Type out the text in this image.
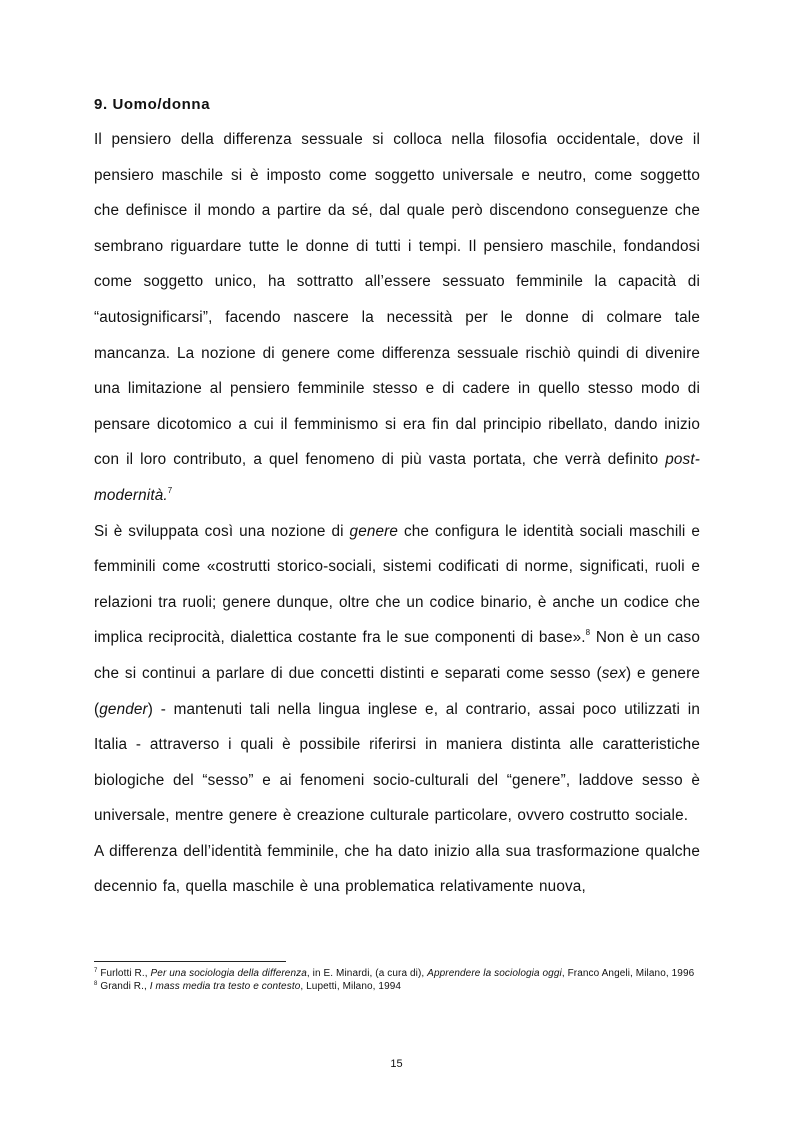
9. Uomo/donna

Il pensiero della differenza sessuale si colloca nella filosofia occidentale, dove il pensiero maschile si è imposto come soggetto universale e neutro, come soggetto che definisce il mondo a partire da sé, dal quale però discendono conseguenze che sembrano riguardare tutte le donne di tutti i tempi. Il pensiero maschile, fondandosi come soggetto unico, ha sottratto all’essere sessuato femminile la capacità di “autosignificarsi”, facendo nascere la necessità per le donne di colmare tale mancanza. La nozione di genere come differenza sessuale rischiò quindi di divenire una limitazione al pensiero femminile stesso e di cadere in quello stesso modo di pensare dicotomico a cui il femminismo si era fin dal principio ribellato, dando inizio con il loro contributo, a quel fenomeno di più vasta portata, che verrà definito post-modernità.$^7$

Si è sviluppata così una nozione di genere che configura le identità sociali maschili e femminili come «costrutti storico-sociali, sistemi codificati di norme, significati, ruoli e relazioni tra ruoli; genere dunque, oltre che un codice binario, è anche un codice che implica reciprocità, dialettica costante fra le sue componenti di base».$^8$ Non è un caso che si continui a parlare di due concetti distinti e separati come sesso (sex) e genere (gender) - mantenuti tali nella lingua inglese e, al contrario, assai poco utilizzati in Italia - attraverso i quali è possibile riferirsi in maniera distinta alle caratteristiche biologiche del “sesso” e ai fenomeni socio-culturali del “genere”, laddove sesso è universale, mentre genere è creazione culturale particolare, ovvero costrutto sociale.

A differenza dell’identità femminile, che ha dato inizio alla sua trasformazione qualche decennio fa, quella maschile è una problematica relativamente nuova,

$^7$ Furlotti R., Per una sociologia della differenza, in E. Minardi, (a cura di), Apprendere la sociologia oggi, Franco Angeli, Milano, 1996

$^8$ Grandi R., I mass media tra testo e contesto, Lupetti, Milano, 1994

15
